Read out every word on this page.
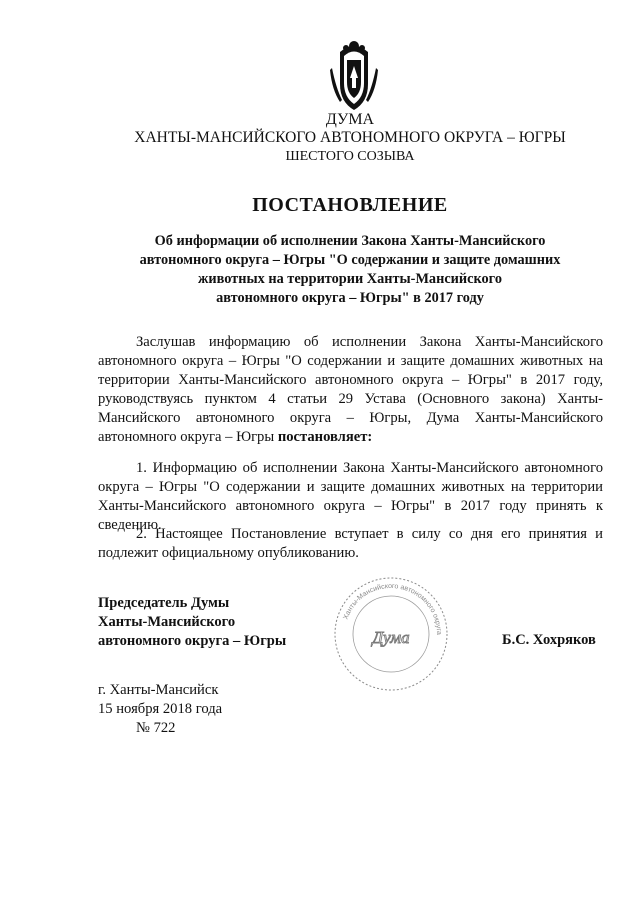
ДУМА
ХАНТЫ-МАНСИЙСКОГО АВТОНОМНОГО ОКРУГА – ЮГРЫ
ШЕСТОГО СОЗЫВА
ПОСТАНОВЛЕНИЕ
Об информации об исполнении Закона Ханты-Мансийского
автономного округа – Югры "О содержании и защите домашних
животных на территории Ханты-Мансийского
автономного округа – Югры" в 2017 году

Заслушав информацию об исполнении Закона Ханты-Мансийского автономного округа – Югры "О содержании и защите домашних животных на территории Ханты-Мансийского автономного округа – Югры" в 2017 году, руководствуясь пунктом 4 статьи 29 Устава (Основного закона) Ханты-Мансийского автономного округа – Югры, Дума Ханты-Мансийского автономного округа – Югры постановляет:

1. Информацию об исполнении Закона Ханты-Мансийского автономного округа – Югры "О содержании и защите домашних животных на территории Ханты-Мансийского автономного округа – Югры" в 2017 году принять к сведению.

2. Настоящее Постановление вступает в силу со дня его принятия и подлежит официальному опубликованию.

Председатель Думы
Ханты-Мансийского
автономного округа – Югры
Ханты-Мансийского автономного округа
Дума	Б.С. Хохряков
г. Ханты-Мансийск
15 ноября 2018 года
№ 722
